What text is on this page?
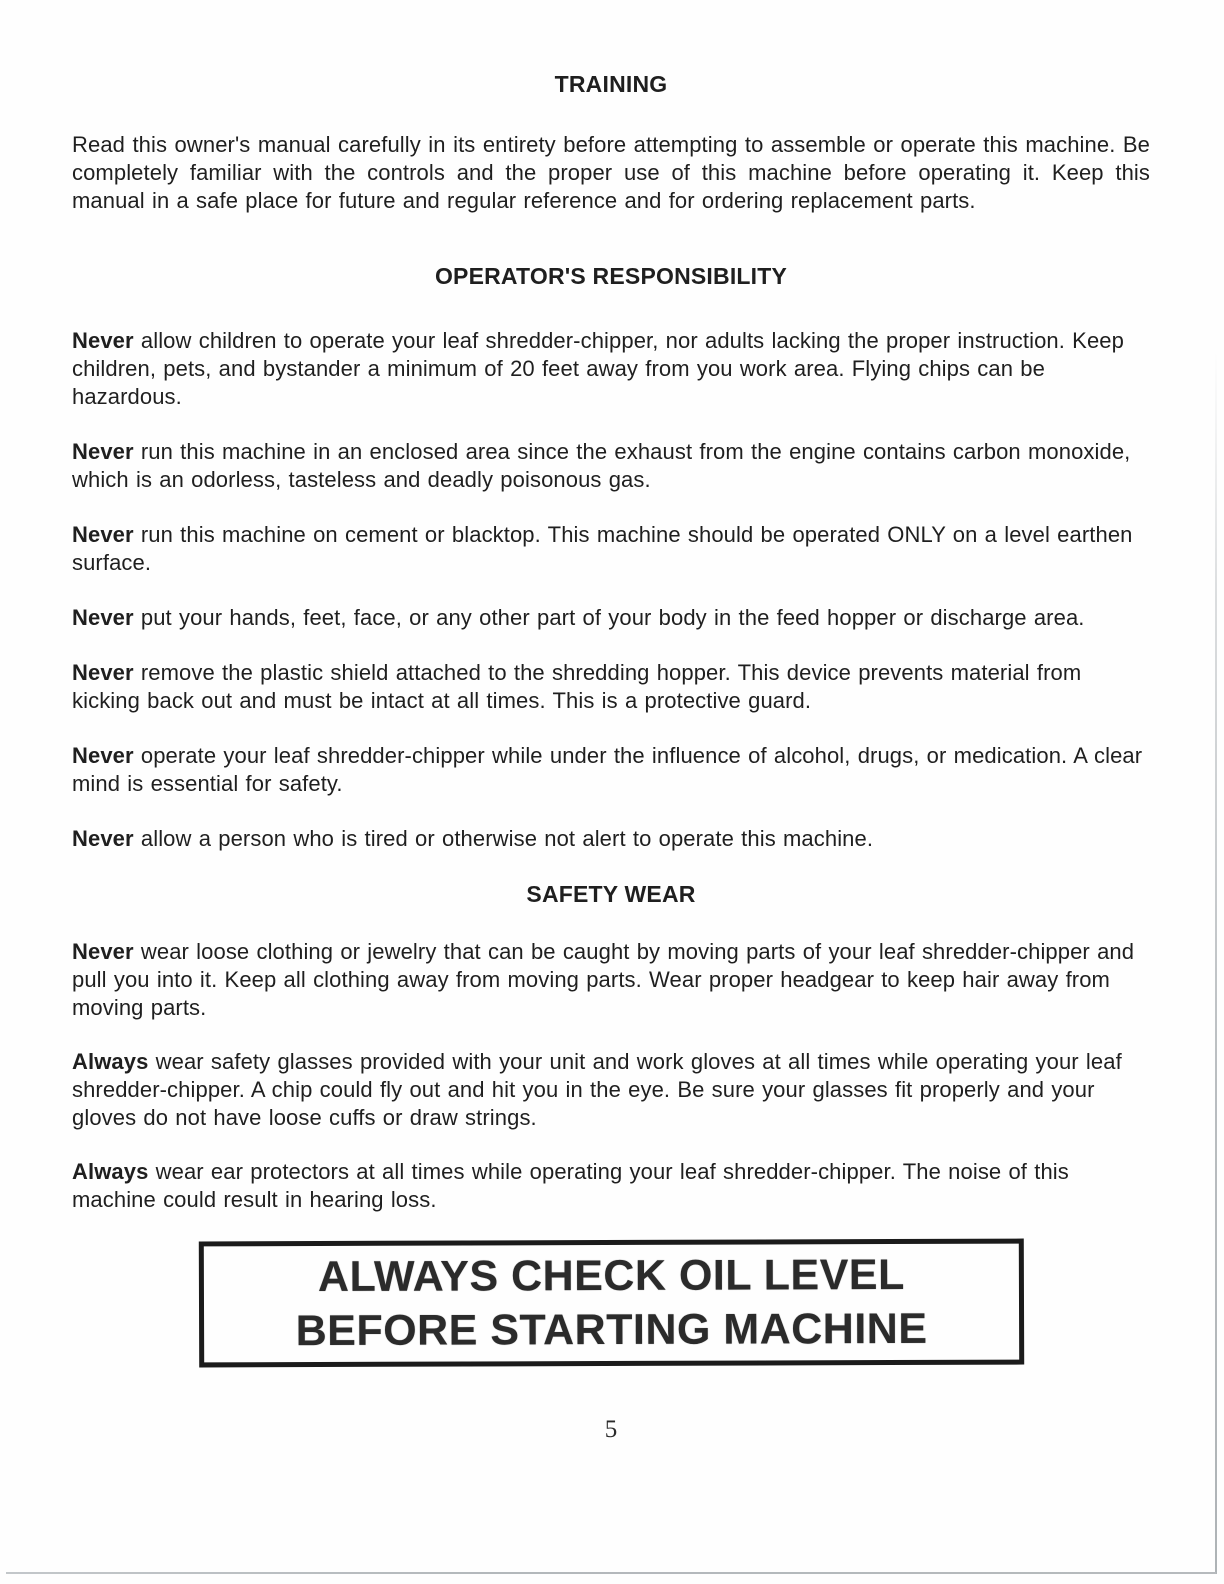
TRAINING

Read this owner's manual carefully in its entirety before attempting to assemble or operate this machine. Be completely familiar with the controls and the proper use of this machine before operating it. Keep this manual in a safe place for future and regular reference and for ordering replacement parts.

OPERATOR'S RESPONSIBILITY

Never allow children to operate your leaf shredder-chipper, nor adults lacking the proper instruction. Keep children, pets, and bystander a minimum of 20 feet away from you work area. Flying chips can be hazardous.

Never run this machine in an enclosed area since the exhaust from the engine contains carbon monoxide, which is an odorless, tasteless and deadly poisonous gas.

Never run this machine on cement or blacktop. This machine should be operated ONLY on a level earthen surface.

Never put your hands, feet, face, or any other part of your body in the feed hopper or discharge area.

Never remove the plastic shield attached to the shredding hopper. This device prevents material from kicking back out and must be intact at all times. This is a protective guard.

Never operate your leaf shredder-chipper while under the influence of alcohol, drugs, or medication. A clear mind is essential for safety.

Never allow a person who is tired or otherwise not alert to operate this machine.

SAFETY WEAR

Never wear loose clothing or jewelry that can be caught by moving parts of your leaf shredder-chipper and pull you into it. Keep all clothing away from moving parts. Wear proper headgear to keep hair away from moving parts.

Always wear safety glasses provided with your unit and work gloves at all times while operating your leaf shredder-chipper. A chip could fly out and hit you in the eye. Be sure your glasses fit properly and your gloves do not have loose cuffs or draw strings.

Always wear ear protectors at all times while operating your leaf shredder-chipper. The noise of this machine could result in hearing loss.

ALWAYS CHECK OIL LEVEL
BEFORE STARTING MACHINE
5
